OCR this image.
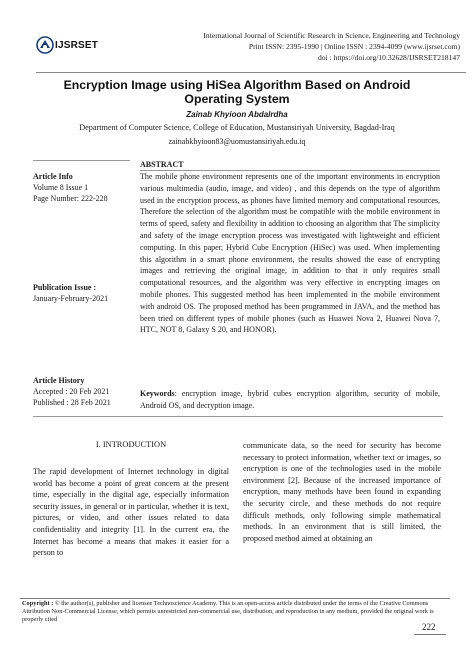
IJSRSET
International Journal of Scientific Research in Science, Engineering and Technology
Print ISSN: 2395-1990 | Online ISSN : 2394-4099 (www.ijsrset.com)
doi : https://doi.org/10.32628/IJSRSET218147
Encryption Image using HiSea Algorithm Based on Android
Operating System
Zainab Khyioon Abdalrdha
Department of Computer Science, College of Education, Mustansiriyah University, Bagdad-Iraq
zainabkhyioon83@uomustansiriyah.edu.iq
Article Info
Volume 8 Issue 1
Page Number: 222-228
Publication Issue :
January-February-2021
Article History
Accepted : 20 Feb 2021
Published : 28 Feb 2021
ABSTRACT
The mobile phone environment represents one of the important environments in encryption various multimedia (audio, image, and video) , and this depends on the type of algorithm used in the encryption process, as phones have limited memory and computational resources, Therefore the selection of the algorithm must be compatible with the mobile environment in terms of speed, safety and flexibility in addition to choosing an algorithm that The simplicity and safety of the image encryption process was investigated with lightweight and efficient computing. In this paper, Hybrid Cube Encryption (HiSec) was used. When implementing this algorithm in a smart phone environment, the results showed the ease of encrypting images and retrieving the original image, in addition to that it only requires small computational resources, and the algorithm was very effective in encrypting images on mobile phones. This suggested method has been implemented in the mobile environment with android OS. The proposed method has been programmed in JAVA, and the method has been tried on different types of mobile phones (such as Huawei Nova 2, Huawei Nova 7, HTC, NOT 8, Galaxy S 20, and HONOR).
Keywords: encryption image, hybrid cubes encryption algorithm, security of mobile, Android OS, and decryption image.
I. INTRODUCTION
The rapid development of Internet technology in digital world has become a point of great concern at the present time, especially in the digital age, especially information security issues, in general or in particular, whether it is text, pictures, or video, and other issues related to data confidentiality and integrity [1]. In the current era, the Internet has become a means that makes it easier for a person to
communicate data, so the need for security has become necessary to protect information, whether text or images, so encryption is one of the technologies used in the mobile environment [2]. Because of the increased importance of encryption, many methods have been found in expanding the security circle, and these methods do not require difficult methods, only following simple mathematical methods. In an environment that is still limited, the proposed method aimed at obtaining an
Copyright : © the author(s), publisher and licensee Technoscience Academy. This is an open-access article distributed under the terms of the Creative Commons Attribution Non-Commercial License, which permits unrestricted non-commercial use, distribution, and reproduction in any medium, provided the original work is properly cited
222
